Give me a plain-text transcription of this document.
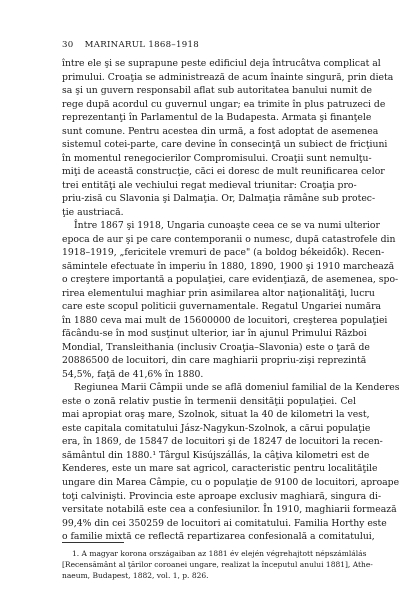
30 MARINARUL 1868–1918

între ele şi se suprapune peste edificiul deja întrucâtva complicat al
primului. Croaţia se administrează de acum înainte singură, prin dieta
sa şi un guvern responsabil aflat sub autoritatea banului numit de
rege după acordul cu guvernul ungar; ea trimite în plus patruzeci de
reprezentanţi în Parlamentul de la Budapesta. Armata şi finanţele
sunt comune. Pentru acestea din urmă, a fost adoptat de asemenea
sistemul cotei-parte, care devine în consecinţă un subiect de fricţiuni
în momentul renegocierilor Compromisului. Croaţii sunt nemulţu-
miţi de această construcţie, căci ei doresc de mult reunificarea celor
trei entităţi ale vechiului regat medieval triunitar: Croaţia pro-
priu-zisă cu Slavonia şi Dalmaţia. Or, Dalmaţia rămâne sub protec-
ţie austriacă.

Între 1867 şi 1918, Ungaria cunoaşte ceea ce se va numi ulterior
epoca de aur şi pe care contemporanii o numesc, după catastrofele din
1918–1919, „fericitele vremuri de pace" (a boldog békeidők). Recen-
sămintele efectuate în imperiu în 1880, 1890, 1900 şi 1910 marchează
o creştere importantă a populaţiei, care evidenţiază, de asemenea, spo-
rirea elementului maghiar prin asimilarea altor naţionalităţi, lucru
care este scopul politicii guvernamentale. Regatul Ungariei număra
în 1880 ceva mai mult de 15600000 de locuitori, creşterea populaţiei
făcându-se în mod susţinut ulterior, iar în ajunul Primului Război
Mondial, Transleithania (inclusiv Croaţia–Slavonia) este o ţară de
20886500 de locuitori, din care maghiarii propriu-zişi reprezintă
54,5%, faţă de 41,6% în 1880.

Regiunea Marii Câmpii unde se află domeniul familial de la Kenderes
este o zonă relativ pustie în termenii densităţii populaţiei. Cel
mai apropiat oraş mare, Szolnok, situat la 40 de kilometri la vest,
este capitala comitatului Jász-Nagykun-Szolnok, a cărui populaţie
era, în 1869, de 15847 de locuitori şi de 18247 de locuitori la recen-
sământul din 1880.¹ Târgul Kisújszállás, la câţiva kilometri est de
Kenderes, este un mare sat agricol, caracteristic pentru localităţile
ungare din Marea Câmpie, cu o populaţie de 9100 de locuitori, aproape
toţi calvinişti. Provincia este aproape exclusiv maghiară, singura di-
versitate notabilă este cea a confesiunilor. În 1910, maghiarii formează
99,4% din cei 350259 de locuitori ai comitatului. Familia Horthy este
o familie mixtă ce reflectă repartizarea confesională a comitatului,

1. A magyar korona országaiban az 1881 év elején végrehajtott népszámlálás
[Recensământ al ţărilor coroanei ungare, realizat la începutul anului 1881], Athe-
naeum, Budapest, 1882, vol. 1, p. 826.
